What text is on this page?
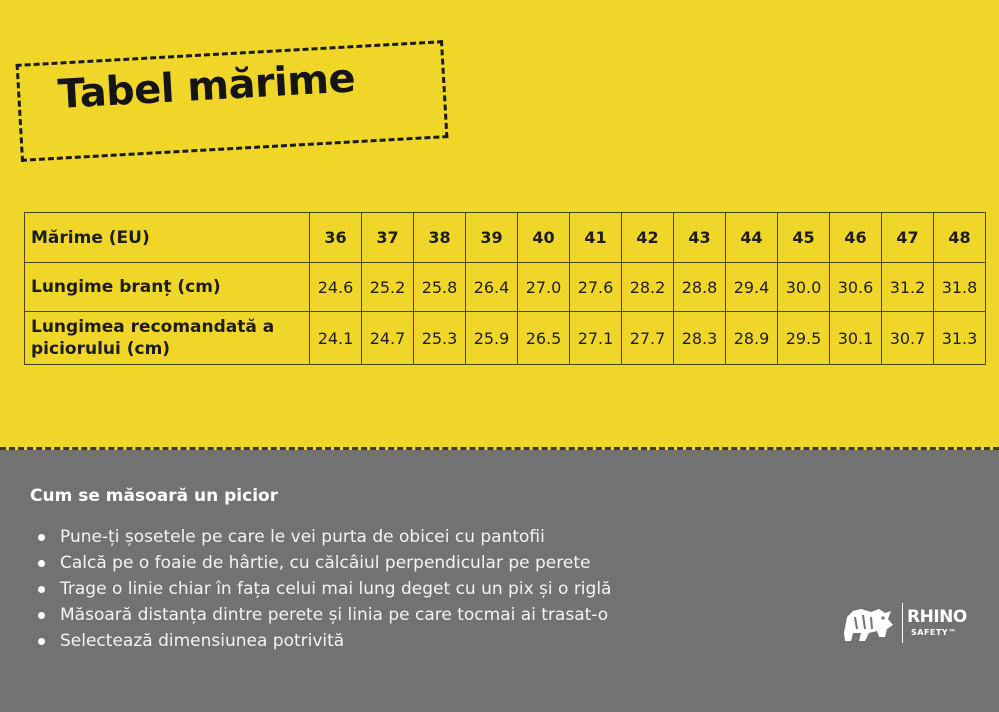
Tabel mărime
Mărime (EU)	36	37	38	39	40	41	42	43	44	45	46	47	48
Lungime branț (cm)	24.6	25.2	25.8	26.4	27.0	27.6	28.2	28.8	29.4	30.0	30.6	31.2	31.8
Lungimea recomandată a piciorului (cm)	24.1	24.7	25.3	25.9	26.5	27.1	27.7	28.3	28.9	29.5	30.1	30.7	31.3
Cum se măsoară un picior
Pune-ți șosetele pe care le vei purta de obicei cu pantofii
Calcă pe o foaie de hârtie, cu călcâiul perpendicular pe perete
Trage o linie chiar în fața celui mai lung deget cu un pix și o riglă
Măsoară distanța dintre perete și linia pe care tocmai ai trasat-o
Selectează dimensiunea potrivită
RHINO
SAFETY™
